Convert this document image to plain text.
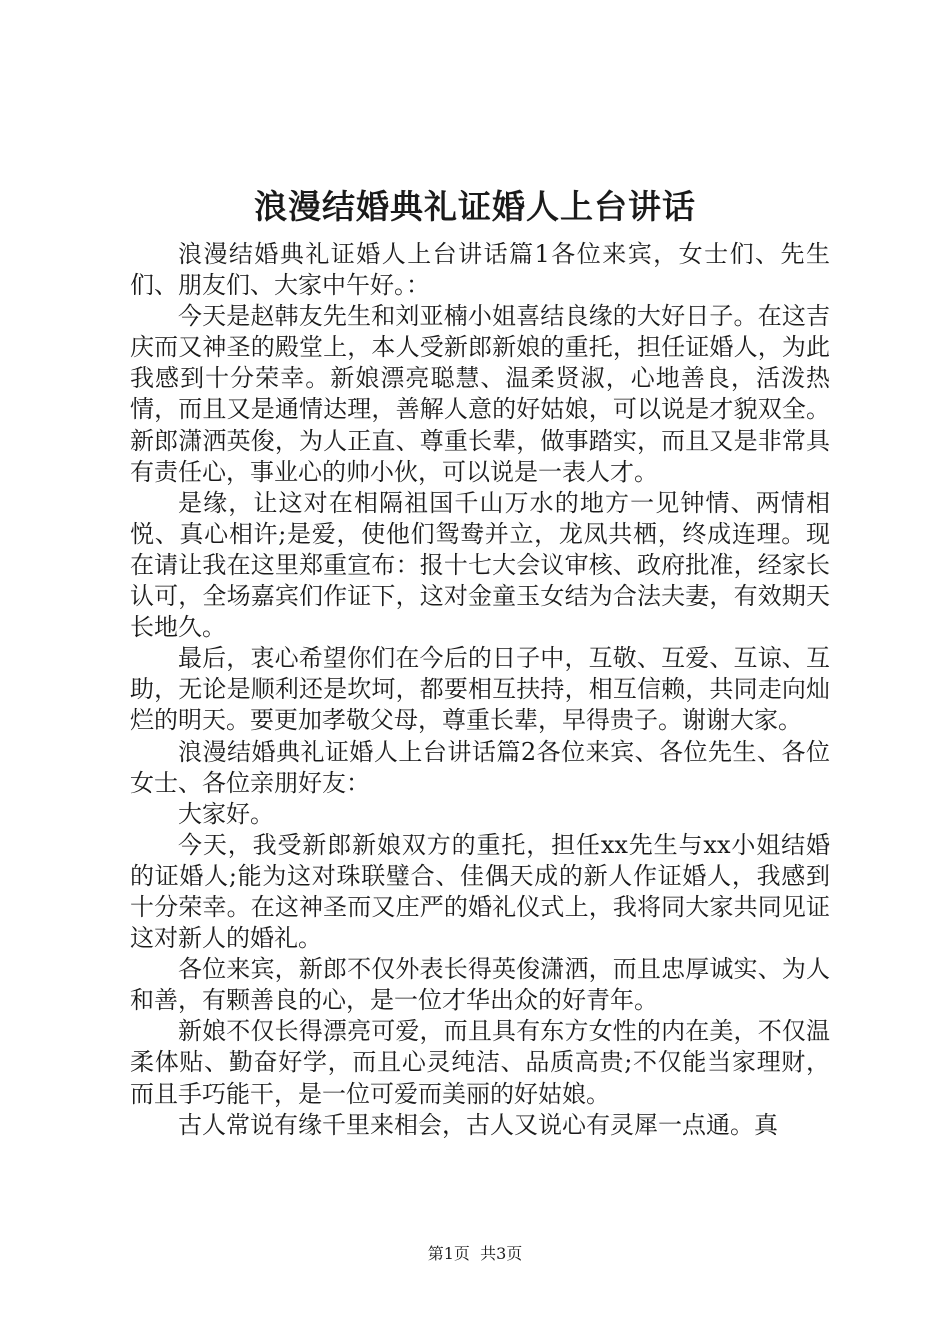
浪漫结婚典礼证婚人上台讲话

浪漫结婚典礼证婚人上台讲话篇1各位来宾，女士们、先生们、朋友们、大家中午好。：

今天是赵韩友先生和刘亚楠小姐喜结良缘的大好日子。在这吉庆而又神圣的殿堂上，本人受新郎新娘的重托，担任证婚人，为此我感到十分荣幸。新娘漂亮聪慧、温柔贤淑，心地善良，活泼热情，而且又是通情达理，善解人意的好姑娘，可以说是才貌双全。新郎潇洒英俊，为人正直、尊重长辈，做事踏实，而且又是非常具有责任心，事业心的帅小伙，可以说是一表人才。

是缘，让这对在相隔祖国千山万水的地方一见钟情、两情相悦、真心相许;是爱，使他们鸳鸯并立，龙凤共栖，终成连理。现在请让我在这里郑重宣布：报十七大会议审核、政府批准，经家长认可，全场嘉宾们作证下，这对金童玉女结为合法夫妻，有效期天长地久。

最后，衷心希望你们在今后的日子中，互敬、互爱、互谅、互助，无论是顺利还是坎坷，都要相互扶持，相互信赖，共同走向灿烂的明天。要更加孝敬父母，尊重长辈，早得贵子。谢谢大家。

浪漫结婚典礼证婚人上台讲话篇2各位来宾、各位先生、各位女士、各位亲朋好友：

大家好。

今天，我受新郎新娘双方的重托，担任xx先生与xx小姐结婚的证婚人;能为这对珠联璧合、佳偶天成的新人作证婚人，我感到十分荣幸。在这神圣而又庄严的婚礼仪式上，我将同大家共同见证这对新人的婚礼。

各位来宾，新郎不仅外表长得英俊潇洒，而且忠厚诚实、为人和善，有颗善良的心，是一位才华出众的好青年。

新娘不仅长得漂亮可爱，而且具有东方女性的内在美，不仅温柔体贴、勤奋好学，而且心灵纯洁、品质高贵;不仅能当家理财，而且手巧能干，是一位可爱而美丽的好姑娘。

古人常说有缘千里来相会，古人又说心有灵犀一点通。真

第1页  共3页
